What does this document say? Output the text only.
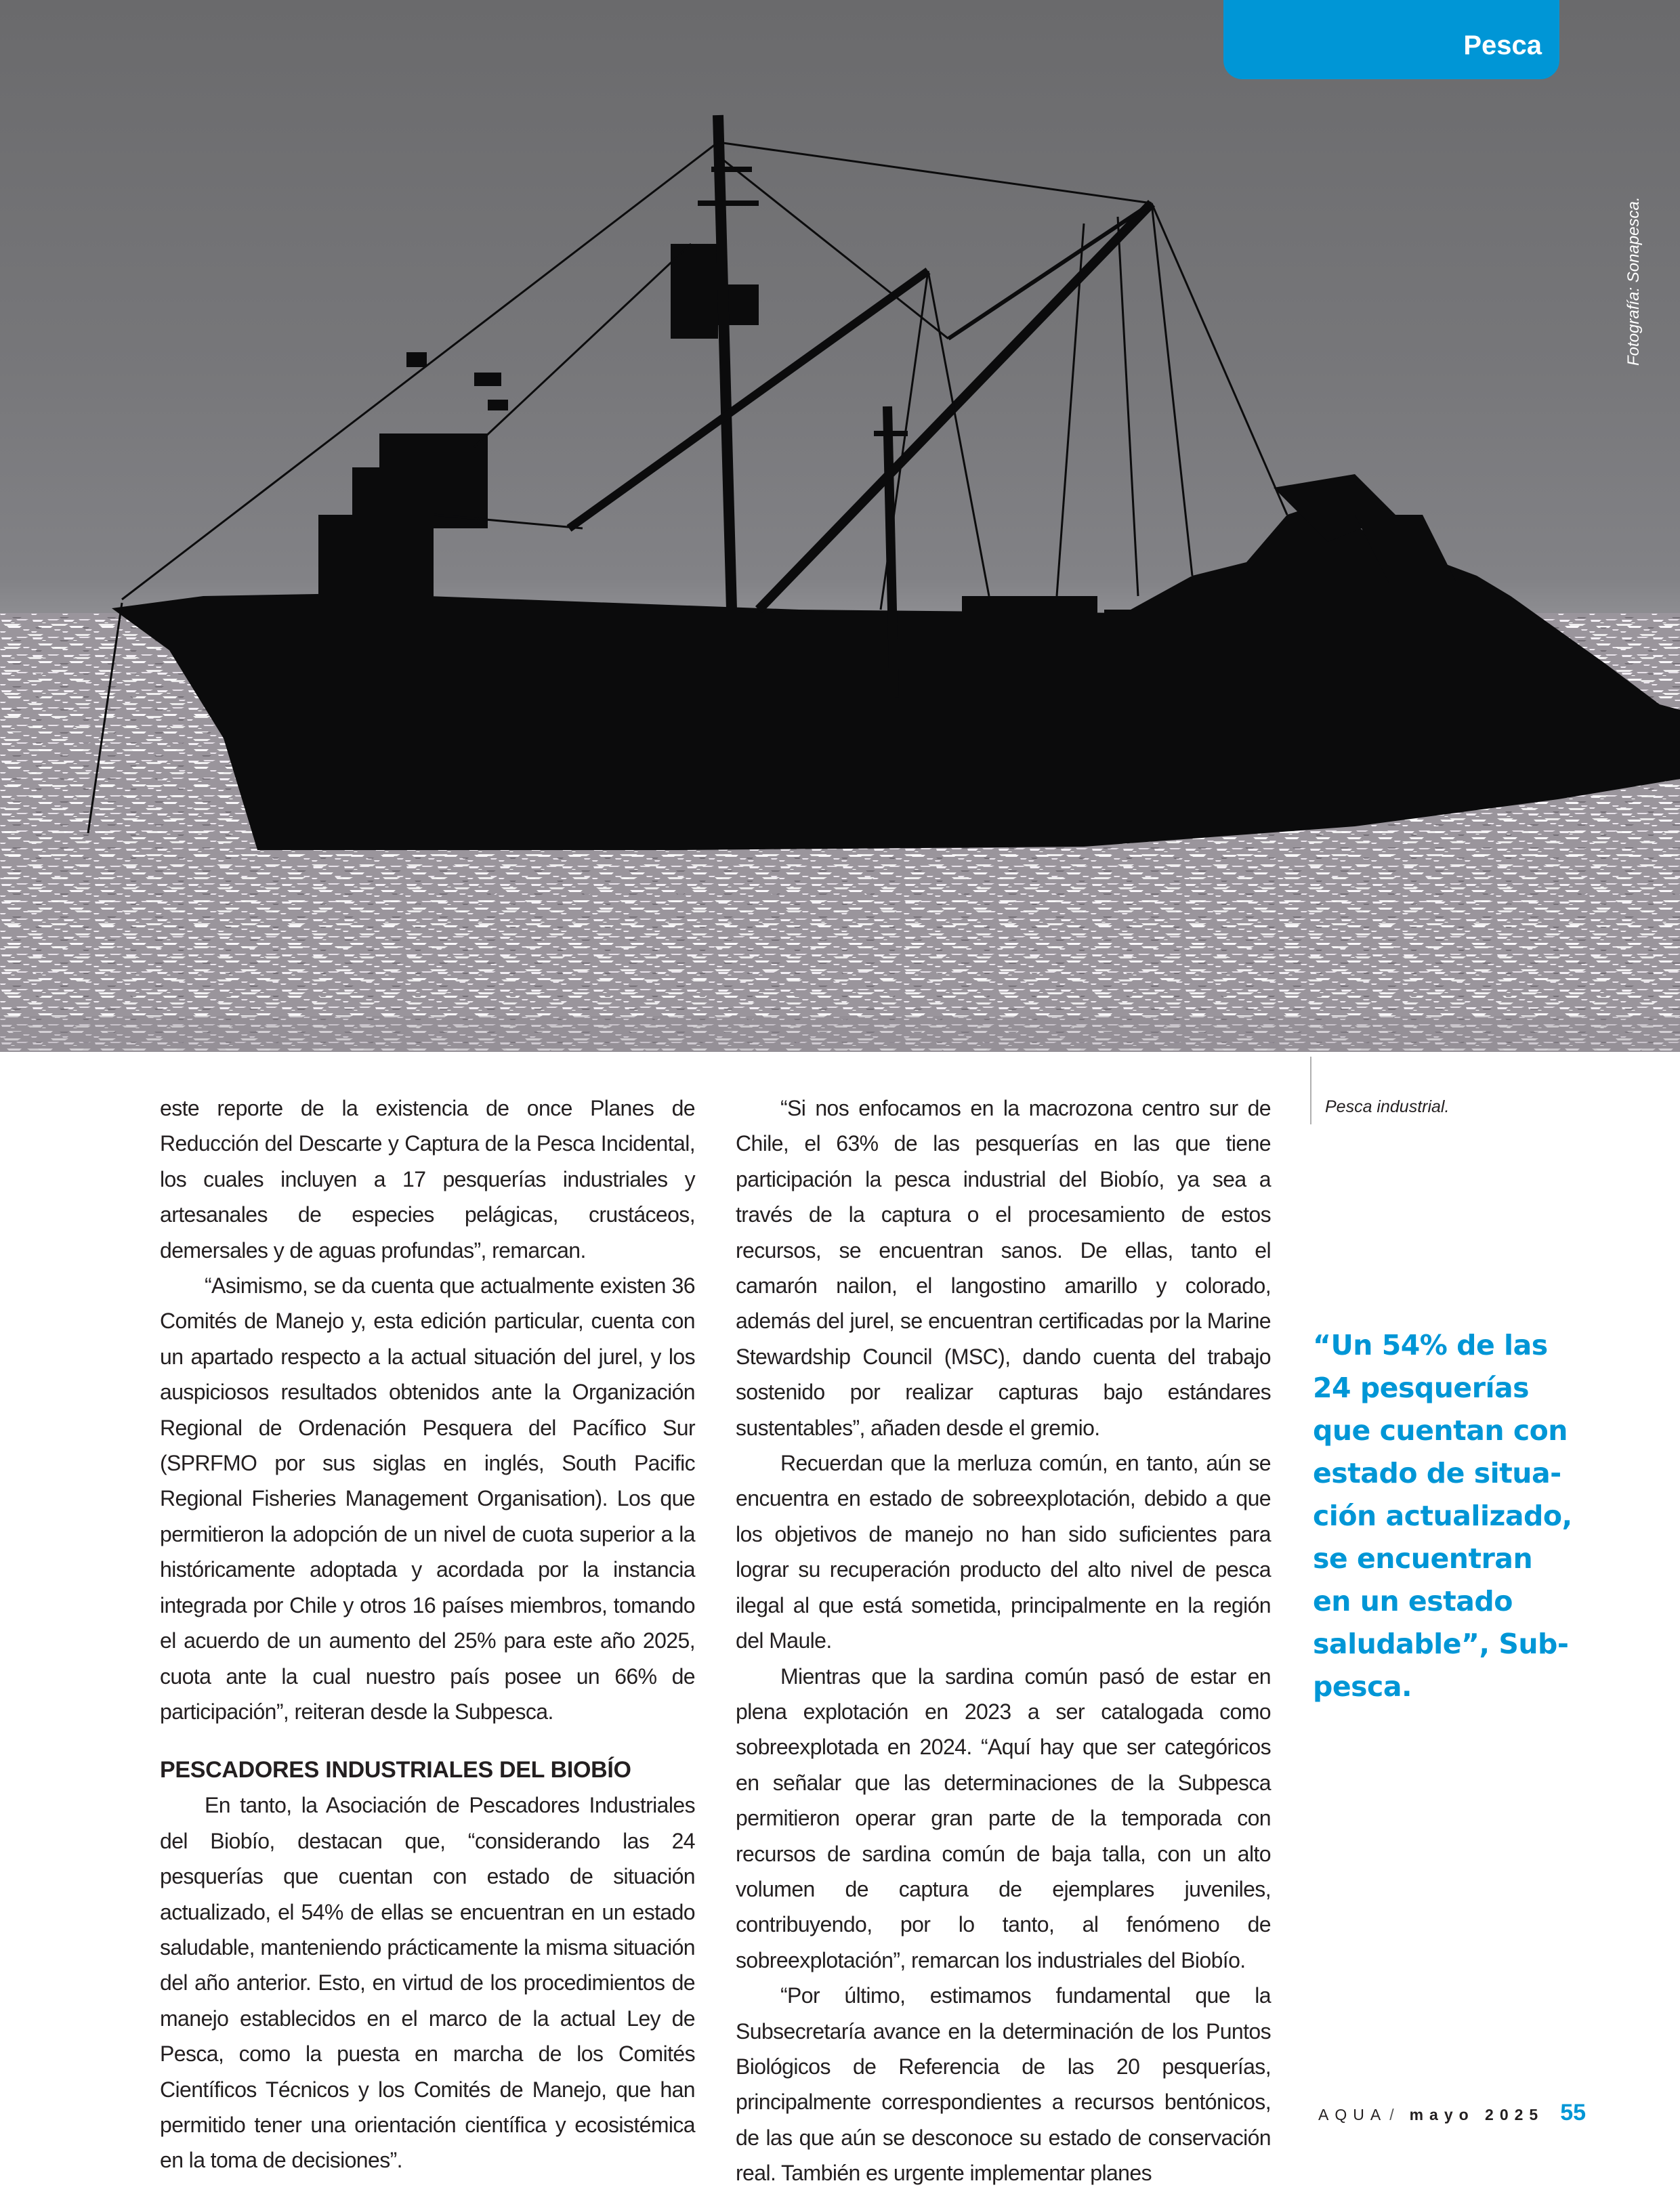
Pesca
Fotografía: Sonapesca.
Pesca industrial.

este reporte de la existencia de once Planes de Reducción del Descarte y Captura de la Pesca Incidental, los cuales incluyen a 17 pesquerías industriales y artesanales de especies pelágicas, crustáceos, demersales y de aguas profundas”, remarcan.

“Asimismo, se da cuenta que actualmente existen 36 Comités de Manejo y, esta edición particular, cuenta con un apartado respecto a la actual situación del jurel, y los auspiciosos resultados obtenidos ante la Organización Regional de Ordenación Pesquera del Pacífico Sur (SPRFMO por sus siglas en inglés, South Pacific Regional Fisheries Management Organisation). Los que permitieron la adopción de un nivel de cuota superior a la históricamente adoptada y acordada por la instancia integrada por Chile y otros 16 países miembros, tomando el acuerdo de un aumento del 25% para este año 2025, cuota ante la cual nuestro país posee un 66% de participación”, reiteran desde la Subpesca.

PESCADORES INDUSTRIALES DEL BIOBÍO

En tanto, la Asociación de Pescadores Industriales del Biobío, destacan que, “considerando las 24 pesquerías que cuentan con estado de situación actualizado, el 54% de ellas se encuentran en un estado saludable, manteniendo prácticamente la misma situación del año anterior. Esto, en virtud de los procedimientos de manejo establecidos en el marco de la actual Ley de Pesca, como la puesta en marcha de los Comités Científicos Técnicos y los Comités de Manejo, que han permitido tener una orientación científica y ecosistémica en la toma de decisiones”.

“Si nos enfocamos en la macrozona centro sur de Chile, el 63% de las pesquerías en las que tiene participación la pesca industrial del Biobío, ya sea a través de la captura o el procesamiento de estos recursos, se encuentran sanos. De ellas, tanto el camarón nailon, el langostino amarillo y colorado, además del jurel, se encuentran certificadas por la Marine Stewardship Council (MSC), dando cuenta del trabajo sostenido por realizar capturas bajo estándares sustentables”, añaden desde el gremio.

Recuerdan que la merluza común, en tanto, aún se encuentra en estado de sobreexplotación, debido a que los objetivos de manejo no han sido suficientes para lograr su recuperación producto del alto nivel de pesca ilegal al que está sometida, principalmente en la región del Maule.

Mientras que la sardina común pasó de estar en plena explotación en 2023 a ser catalogada como sobreexplotada en 2024. “Aquí hay que ser categóricos en señalar que las determinaciones de la Subpesca permitieron operar gran parte de la temporada con recursos de sardina común de baja talla, con un alto volumen de captura de ejemplares juveniles, contribuyendo, por lo tanto, al fenómeno de sobreexplotación”, remarcan los industriales del Biobío.

“Por último, estimamos fundamental que la Subsecretaría avance en la determinación de los Puntos Biológicos de Referencia de las 20 pesquerías, principalmente correspondientes a recursos bentónicos, de las que aún se desconoce su estado de conservación real. También es urgente implementar planes

“Un 54% de las
24 pesquerías
que cuentan con
estado de situa-
ción actualizado,
se encuentran
en un estado
saludable”, Sub-
pesca.
AQUA / mayo 2025 55
